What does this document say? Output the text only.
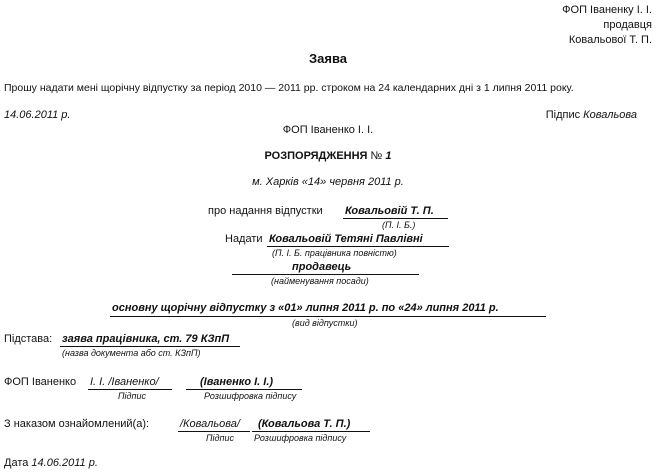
ФОП Іваненку І. І.
продавця
Ковальової Т. П.
Заява
Прошу надати мені щорічну відпустку за період 2010 — 2011 рр. строком на 24 календарних дні з 1 липня 2011 року.
14.06.2011 р.	Підпис Ковальова
ФОП Іваненко І. І.
РОЗПОРЯДЖЕННЯ № 1
м. Харків «14» червня 2011 р.
про надання відпустки Ковальовій Т. П.
(П. І. Б.)
Надати Ковальовій Тетяні Павлівні
(П. І. Б. працівника повністю)
продавець
(найменування посади)
основну щорічну відпустку з «01» липня 2011 р. по «24» липня 2011 р.
(вид відпустки)
Підстава: заява працівника, ст. 79 КЗпП
(назва документа або ст. КЗпП)
ФОП Іваненко І. І. /Іваненко/	(Іваненко І. І.)
Підпис	Розшифровка підпису
З наказом ознайомлений(а):	/Ковальова/ (Ковальова Т. П.)
Підпис Розшифровка підпису
Дата 14.06.2011 р.
